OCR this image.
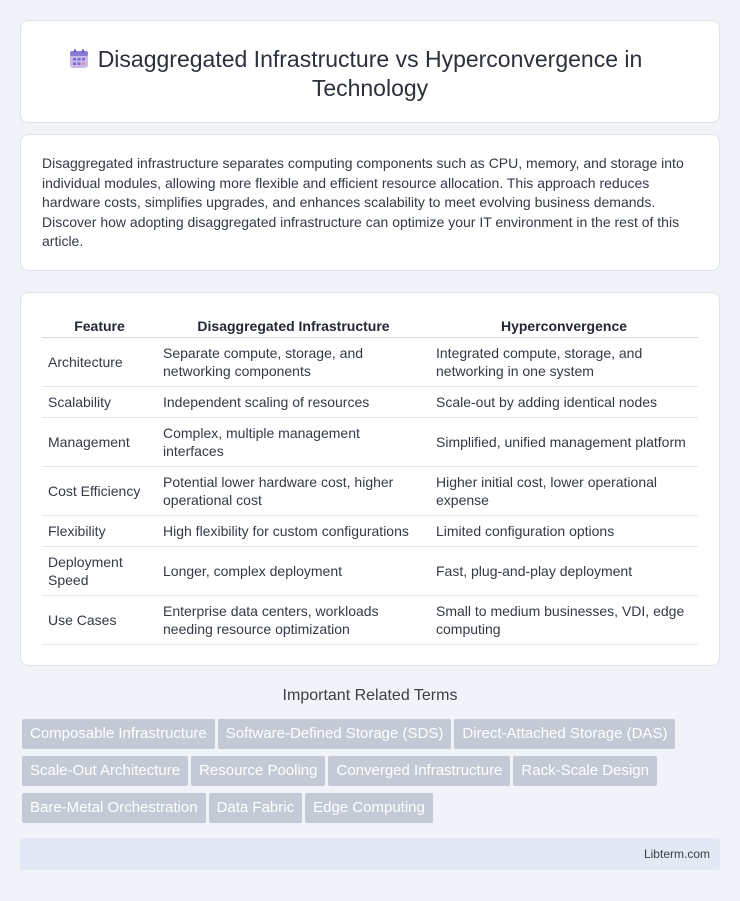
Disaggregated Infrastructure vs Hyperconvergence in Technology

Disaggregated infrastructure separates computing components such as CPU, memory, and storage into individual modules, allowing more flexible and efficient resource allocation. This approach reduces hardware costs, simplifies upgrades, and enhances scalability to meet evolving business demands. Discover how adopting disaggregated infrastructure can optimize your IT environment in the rest of this article.

Feature	Disaggregated Infrastructure	Hyperconvergence
Architecture	Separate compute, storage, and networking components	Integrated compute, storage, and networking in one system
Scalability	Independent scaling of resources	Scale-out by adding identical nodes
Management	Complex, multiple management interfaces	Simplified, unified management platform
Cost Efficiency	Potential lower hardware cost, higher operational cost	Higher initial cost, lower operational expense
Flexibility	High flexibility for custom configurations	Limited configuration options
Deployment Speed	Longer, complex deployment	Fast, plug-and-play deployment
Use Cases	Enterprise data centers, workloads needing resource optimization	Small to medium businesses, VDI, edge computing
Important Related Terms
Composable Infrastructure Software-Defined Storage (SDS) Direct-Attached Storage (DAS)
Scale-Out Architecture Resource Pooling Converged Infrastructure Rack-Scale Design
Bare-Metal Orchestration Data Fabric Edge Computing
Libterm.com
